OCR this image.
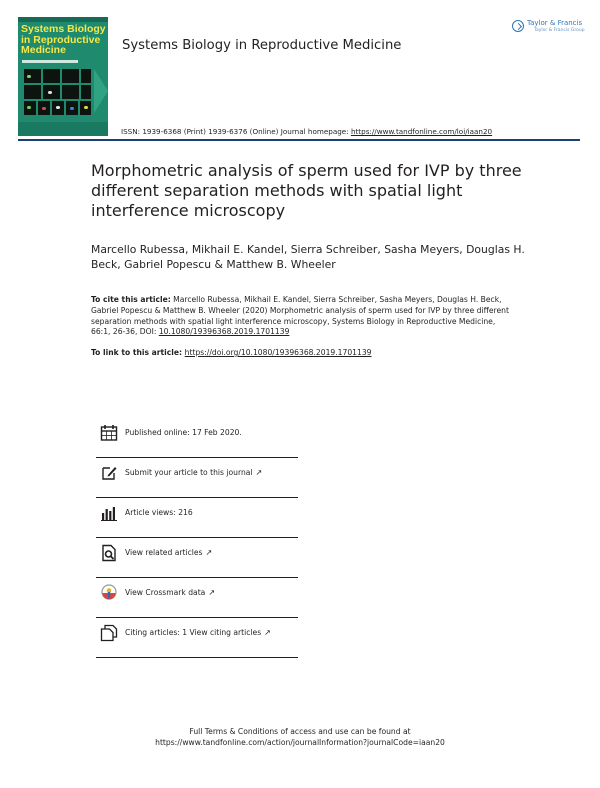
Systems Biology in Reproductive Medicine	Systems Biology in Reproductive Medicine
Taylor & Francis
Taylor & Francis Group
ISSN: 1939-6368 (Print) 1939-6376 (Online) Journal homepage: https://www.tandfonline.com/loi/iaan20
Morphometric analysis of sperm used for IVP by three different separation methods with spatial light interference microscopy
Marcello Rubessa, Mikhail E. Kandel, Sierra Schreiber, Sasha Meyers, Douglas H. Beck, Gabriel Popescu & Matthew B. Wheeler
To cite this article: Marcello Rubessa, Mikhail E. Kandel, Sierra Schreiber, Sasha Meyers, Douglas H. Beck, Gabriel Popescu & Matthew B. Wheeler (2020) Morphometric analysis of sperm used for IVP by three different separation methods with spatial light interference microscopy, Systems Biology in Reproductive Medicine, 66:1, 26-36, DOI: 10.1080/19396368.2019.1701139
To link to this article: https://doi.org/10.1080/19396368.2019.1701139
Published online: 17 Feb 2020.
Submit your article to this journal ↗
Article views: 216
View related articles ↗
View Crossmark data ↗
Citing articles: 1 View citing articles ↗
Full Terms & Conditions of access and use can be found at
https://www.tandfonline.com/action/journalInformation?journalCode=iaan20
